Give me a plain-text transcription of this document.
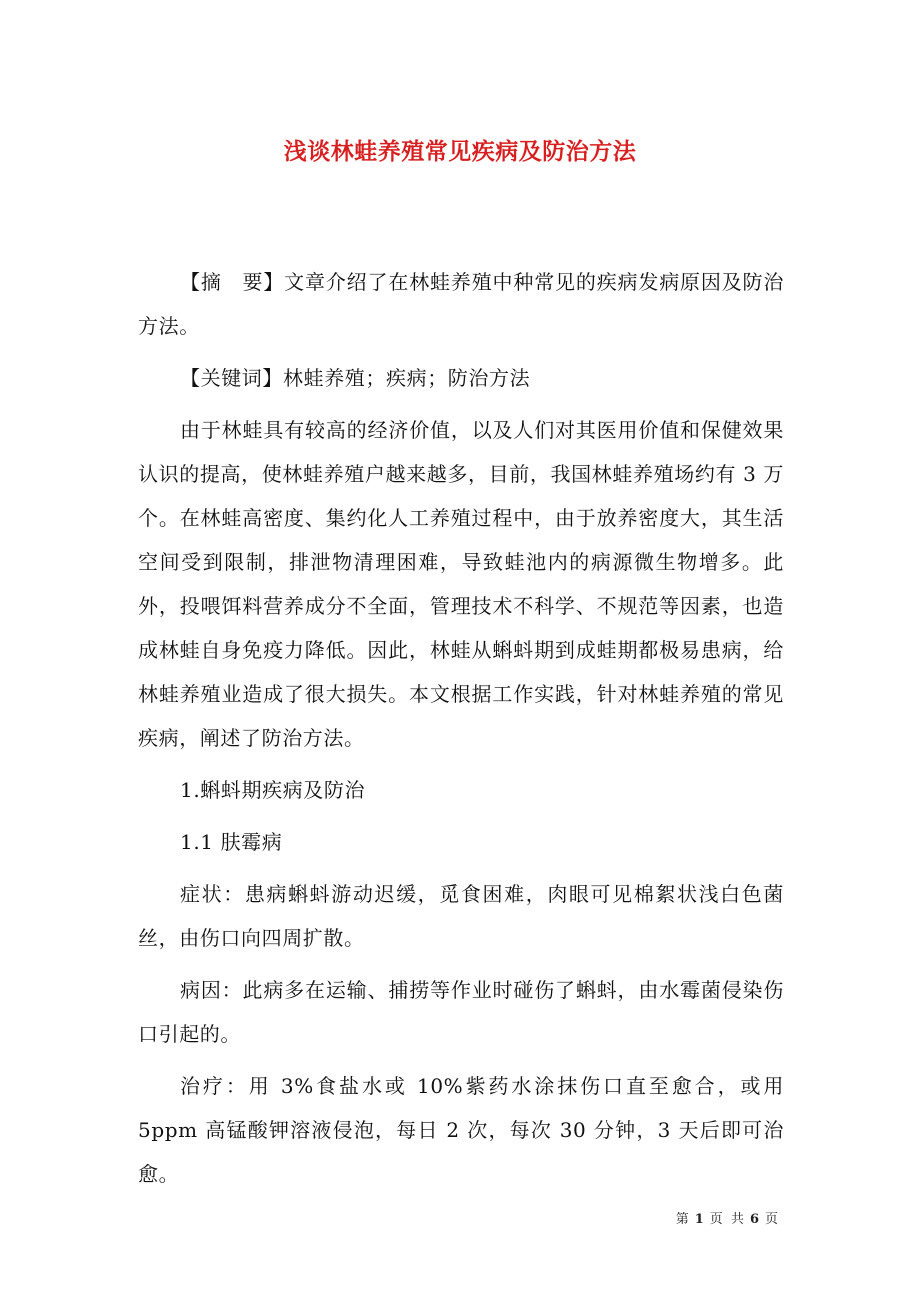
浅谈林蛙养殖常见疾病及防治方法

【摘　要】文章介绍了在林蛙养殖中种常见的疾病发病原因及防治方法。

【关键词】林蛙养殖；疾病；防治方法

由于林蛙具有较高的经济价值，以及人们对其医用价值和保健效果认识的提高，使林蛙养殖户越来越多，目前，我国林蛙养殖场约有 3 万个。在林蛙高密度、集约化人工养殖过程中，由于放养密度大，其生活空间受到限制，排泄物清理困难，导致蛙池内的病源微生物增多。此外，投喂饵料营养成分不全面，管理技术不科学、不规范等因素，也造成林蛙自身免疫力降低。因此，林蛙从蝌蚪期到成蛙期都极易患病，给林蛙养殖业造成了很大损失。本文根据工作实践，针对林蛙养殖的常见疾病，阐述了防治方法。

1.蝌蚪期疾病及防治

1.1 肤霉病

症状：患病蝌蚪游动迟缓，觅食困难，肉眼可见棉絮状浅白色菌丝，由伤口向四周扩散。

病因：此病多在运输、捕捞等作业时碰伤了蝌蚪，由水霉菌侵染伤口引起的。

治疗：用 3%食盐水或 10%紫药水涂抹伤口直至愈合，或用 5ppm 高锰酸钾溶液侵泡，每日 2 次，每次 30 分钟，3 天后即可治愈。

第 1 页 共 6 页
